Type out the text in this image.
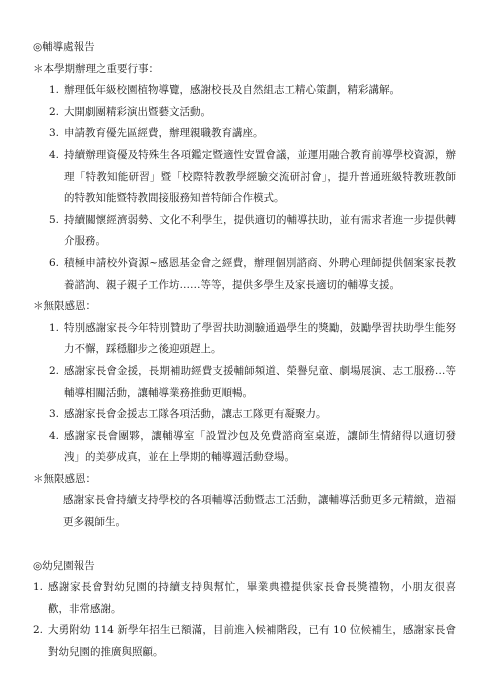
◎輔導處報告

＊本學期辦理之重要行事：

1. 辦理低年級校園植物導覽，感謝校長及自然組志工精心策劃，精彩講解。
2. 大開劇團精彩演出暨藝文活動。
3. 申請教育優先區經費，辦理親職教育講座。
4. 持續辦理資優及特殊生各項鑑定暨適性安置會議，並運用融合教育前導學校資源，辦理「特教知能研習」暨「校際特教教學經驗交流研討會」，提升普通班級特教班教師的特教知能暨特教間接服務知普特師合作模式。
5. 持續關懷經濟弱勢、文化不利學生，提供適切的輔導扶助，並有需求者進一步提供轉介服務。
6. 積極申請校外資源~感恩基金會之經費，辦理個別諮商、外聘心理師提供個案家長教養諮詢、親子親子工作坊……等等，提供多學生及家長適切的輔導支援。

＊無限感恩：

1. 特別感謝家長今年特別贊助了學習扶助測驗通過學生的獎勵，鼓勵學習扶助學生能努力不懈，踩穩腳步之後迎頭趕上。
2. 感謝家長會金援，長期補助經費支援輔師頻道、榮譽兒童、劇場展演、志工服務…等輔導相關活動，讓輔導業務推動更順暢。
3. 感謝家長會金援志工隊各項活動，讓志工隊更有凝聚力。
4. 感謝家長會團夥，讓輔導室「設置沙包及免費諮商室桌遊，讓師生情緒得以適切發洩」的美夢成真，並在上學期的輔導週活動登場。

＊無限感恩：

感謝家長會持續支持學校的各項輔導活動暨志工活動，讓輔導活動更多元精緻，造福更多親師生。

◎幼兒園報告

1. 感謝家長會對幼兒園的持續支持與幫忙，畢業典禮提供家長會長獎禮物，小朋友很喜歡，非常感謝。
2. 大勇附幼 114 新學年招生已額滿，目前進入候補階段，已有 10 位候補生，感謝家長會對幼兒園的推廣與照顧。
